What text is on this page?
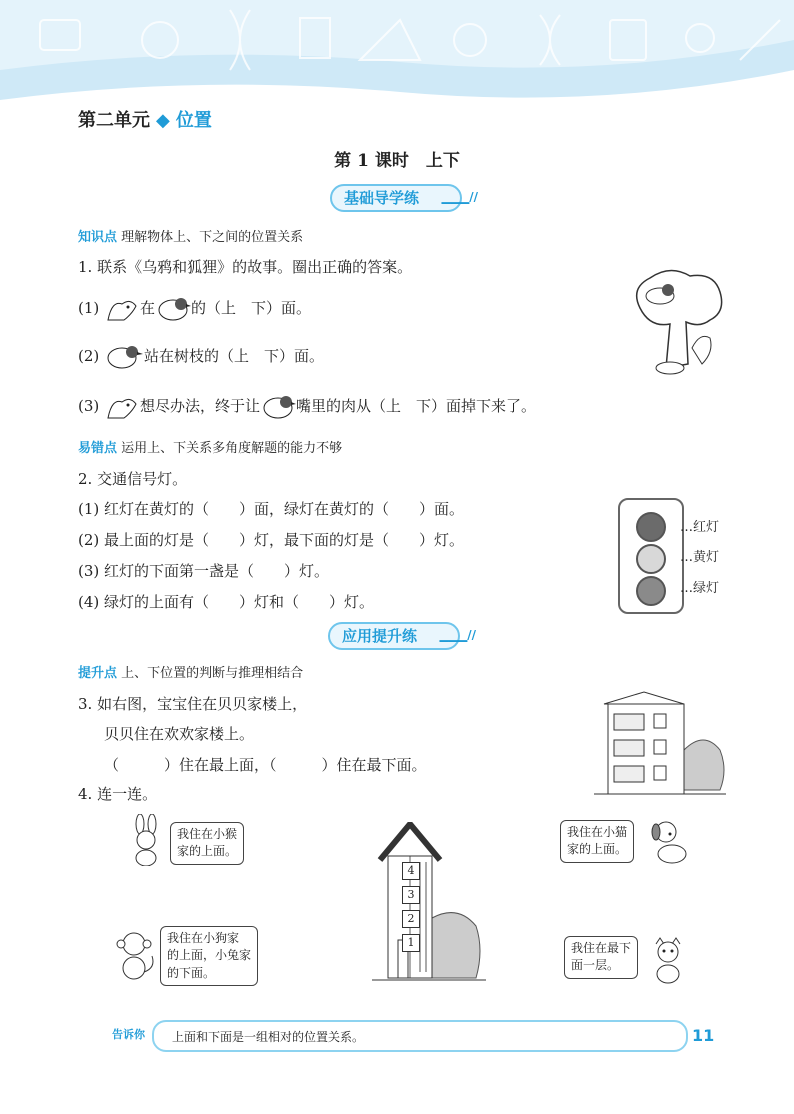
第二单元 ◆ 位置
第 1 课时　上下
基础导学练 ▁▁▁//
知识点 理解物体上、下之间的位置关系
1. 联系《乌鸦和狐狸》的故事。圈出正确的答案。
(1)	在 的（上　下）面。
(2)	站在树枝的（上　下）面。
(3)	想尽办法，终于让 嘴里的肉从（上　下）面掉下来了。
易错点 运用上、下关系多角度解题的能力不够
2. 交通信号灯。
(1) 红灯在黄灯的（　　）面，绿灯在黄灯的（　　）面。
(2) 最上面的灯是（　　）灯，最下面的灯是（　　）灯。
(3) 红灯的下面第一盏是（　　）灯。
(4) 绿灯的上面有（　　）灯和（　　）灯。
…红灯
…黄灯
…绿灯
应用提升练 ▁▁▁//
提升点 上、下位置的判断与推理相结合
3. 如右图，宝宝住在贝贝家楼上，
贝贝住在欢欢家楼上。
（　　　）住在最上面，（　　　）住在最下面。
4. 连一连。
我住在小猴
家的上面。
我住在小狗家
的上面，小兔家
的下面。
4
3
2
1
我住在小猫
家的上面。
我住在最下
面一层。
告诉你 上面和下面是一组相对的位置关系。	11
